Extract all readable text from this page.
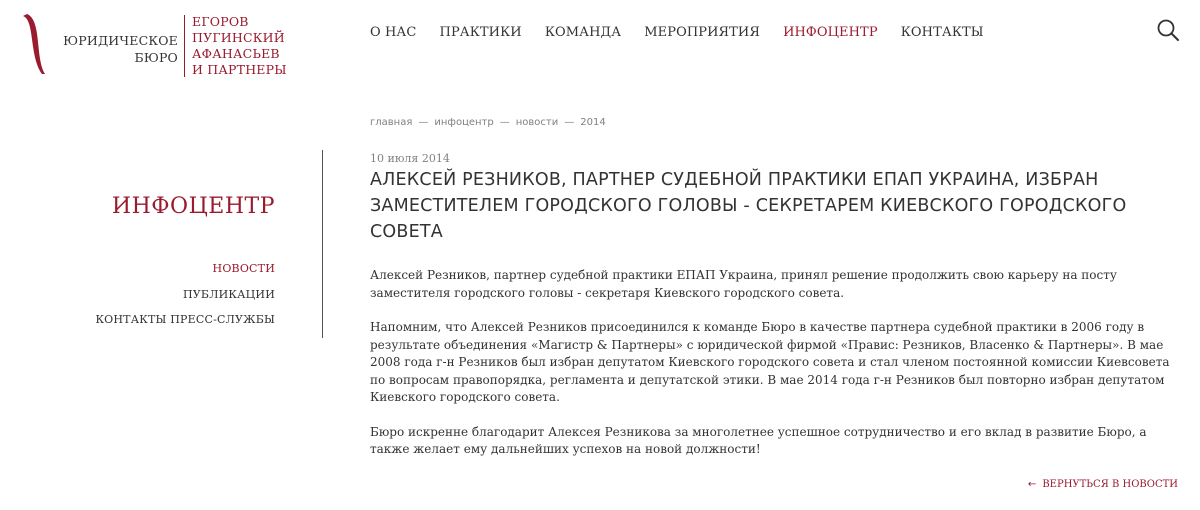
ЮРИДИЧЕСКОЕ
БЮРО
ЕГОРОВ
ПУГИНСКИЙ
АФАНАСЬЕВ
И ПАРТНЕРЫ
О НАС ПРАКТИКИ КОМАНДА МЕРОПРИЯТИЯ ИНФОЦЕНТР КОНТАКТЫ
ИНФОЦЕНТР
НОВОСТИ
ПУБЛИКАЦИИ
КОНТАКТЫ ПРЕСС-СЛУЖБЫ
главная — инфоцентр — новости — 2014
10 июля 2014
АЛЕКСЕЙ РЕЗНИКОВ, ПАРТНЕР СУДЕБНОЙ ПРАКТИКИ ЕПАП УКРАИНА, ИЗБРАН ЗАМЕСТИТЕЛЕМ ГОРОДСКОГО ГОЛОВЫ - СЕКРЕТАРЕМ КИЕВСКОГО ГОРОДСКОГО СОВЕТА

Алексей Резников, партнер судебной практики ЕПАП Украина, принял решение продолжить свою карьеру на посту заместителя городского головы - секретаря Киевского городского совета.

Напомним, что Алексей Резников присоединился к команде Бюро в качестве партнера судебной практики в 2006 году в результате объединения «Магистр & Партнеры» с юридической фирмой «Правис: Резников, Власенко & Партнеры». В мае 2008 года г-н Резников был избран депутатом Киевского городского совета и стал членом постоянной комиссии Киевсовета по вопросам правопорядка, регламента и депутатской этики. В мае 2014 года г-н Резников был повторно избран депутатом Киевского городского совета.

Бюро искренне благодарит Алексея Резникова за многолетнее успешное сотрудничество и его вклад в развитие Бюро, а также желает ему дальнейших успехов на новой должности!

← ВЕРНУТЬСЯ В НОВОСТИ
